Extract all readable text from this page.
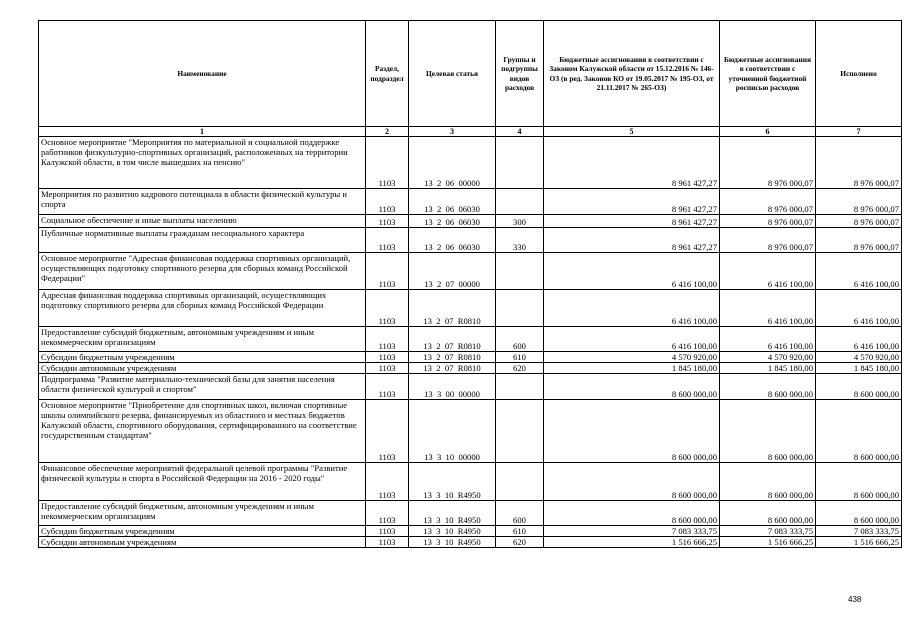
Наименование	Раздел, подраздел	Целевая статья	Группы и подгруппы видов расходов	Бюджетные ассигнования в соответствии с Законом Калужской области от 15.12.2016 № 146-ОЗ (в ред. Законов КО от 19.05.2017 № 195-ОЗ, от 21.11.2017 № 265-ОЗ)	Бюджетные ассигнования в соответствии с уточненной бюджетной росписью расходов	Исполнено
1	2	3	4	5	6	7
Основное мероприятие "Мероприятия по материальной и социальной поддержке работников физкультурно-спортивных организаций, расположенных на территории Калужской области, в том числе вышедших на пенсию"	1103	13  2  06  00000		8 961 427,27	8 976 000,07	8 976 000,07
Мероприятия по развитию кадрового потенциала в области физической культуры и спорта	1103	13  2  06  06030		8 961 427,27	8 976 000,07	8 976 000,07
Социальное обеспечение и иные выплаты населению	1103	13  2  06  06030	300	8 961 427,27	8 976 000,07	8 976 000,07
Публичные нормативные выплаты гражданам несоциального характера	1103	13  2  06  06030	330	8 961 427,27	8 976 000,07	8 976 000,07
Основное мероприятие "Адресная финансовая поддержка спортивных организаций, осуществляющих подготовку спортивного резерва для сборных команд Российской Федерации"	1103	13  2  07  00000		6 416 100,00	6 416 100,00	6 416 100,00
Адресная финансовая поддержка спортивных организаций, осуществляющих подготовку спортивного резерва для сборных команд Российской Федерации	1103	13  2  07  R0810		6 416 100,00	6 416 100,00	6 416 100,00
Предоставление субсидий бюджетным, автономным учреждениям и иным некоммерческим организациям	1103	13  2  07  R0810	600	6 416 100,00	6 416 100,00	6 416 100,00
Субсидии бюджетным учреждениям	1103	13  2  07  R0810	610	4 570 920,00	4 570 920,00	4 570 920,00
Субсидии автономным учреждениям	1103	13  2  07  R0810	620	1 845 180,00	1 845 180,00	1 845 180,00
Подпрограмма "Развитие материально-технической базы для занятия населения области физической культурой и спортом"	1103	13  3  00  00000		8 600 000,00	8 600 000,00	8 600 000,00
Основное мероприятие "Приобретение для спортивных школ, включая спортивные школы олимпийского резерва, финансируемых из областного и местных бюджетов Калужской области, спортивного оборудования, сертифицированного на соответствие государственным стандартам"	1103	13  3  10  00000		8 600 000,00	8 600 000,00	8 600 000,00
Финансовое обеспечение мероприятий федеральной целевой программы "Развитие физической культуры и спорта в Российской Федерации на 2016 - 2020 годы"	1103	13  3  10  R4950		8 600 000,00	8 600 000,00	8 600 000,00
Предоставление субсидий бюджетным, автономным учреждениям и иным некоммерческим организациям	1103	13  3  10  R4950	600	8 600 000,00	8 600 000,00	8 600 000,00
Субсидии бюджетным учреждениям	1103	13  3  10  R4950	610	7 083 333,75	7 083 333,75	7 083 333,75
Субсидии автономным учреждениям	1103	13  3  10  R4950	620	1 516 666,25	1 516 666,25	1 516 666,25
438
